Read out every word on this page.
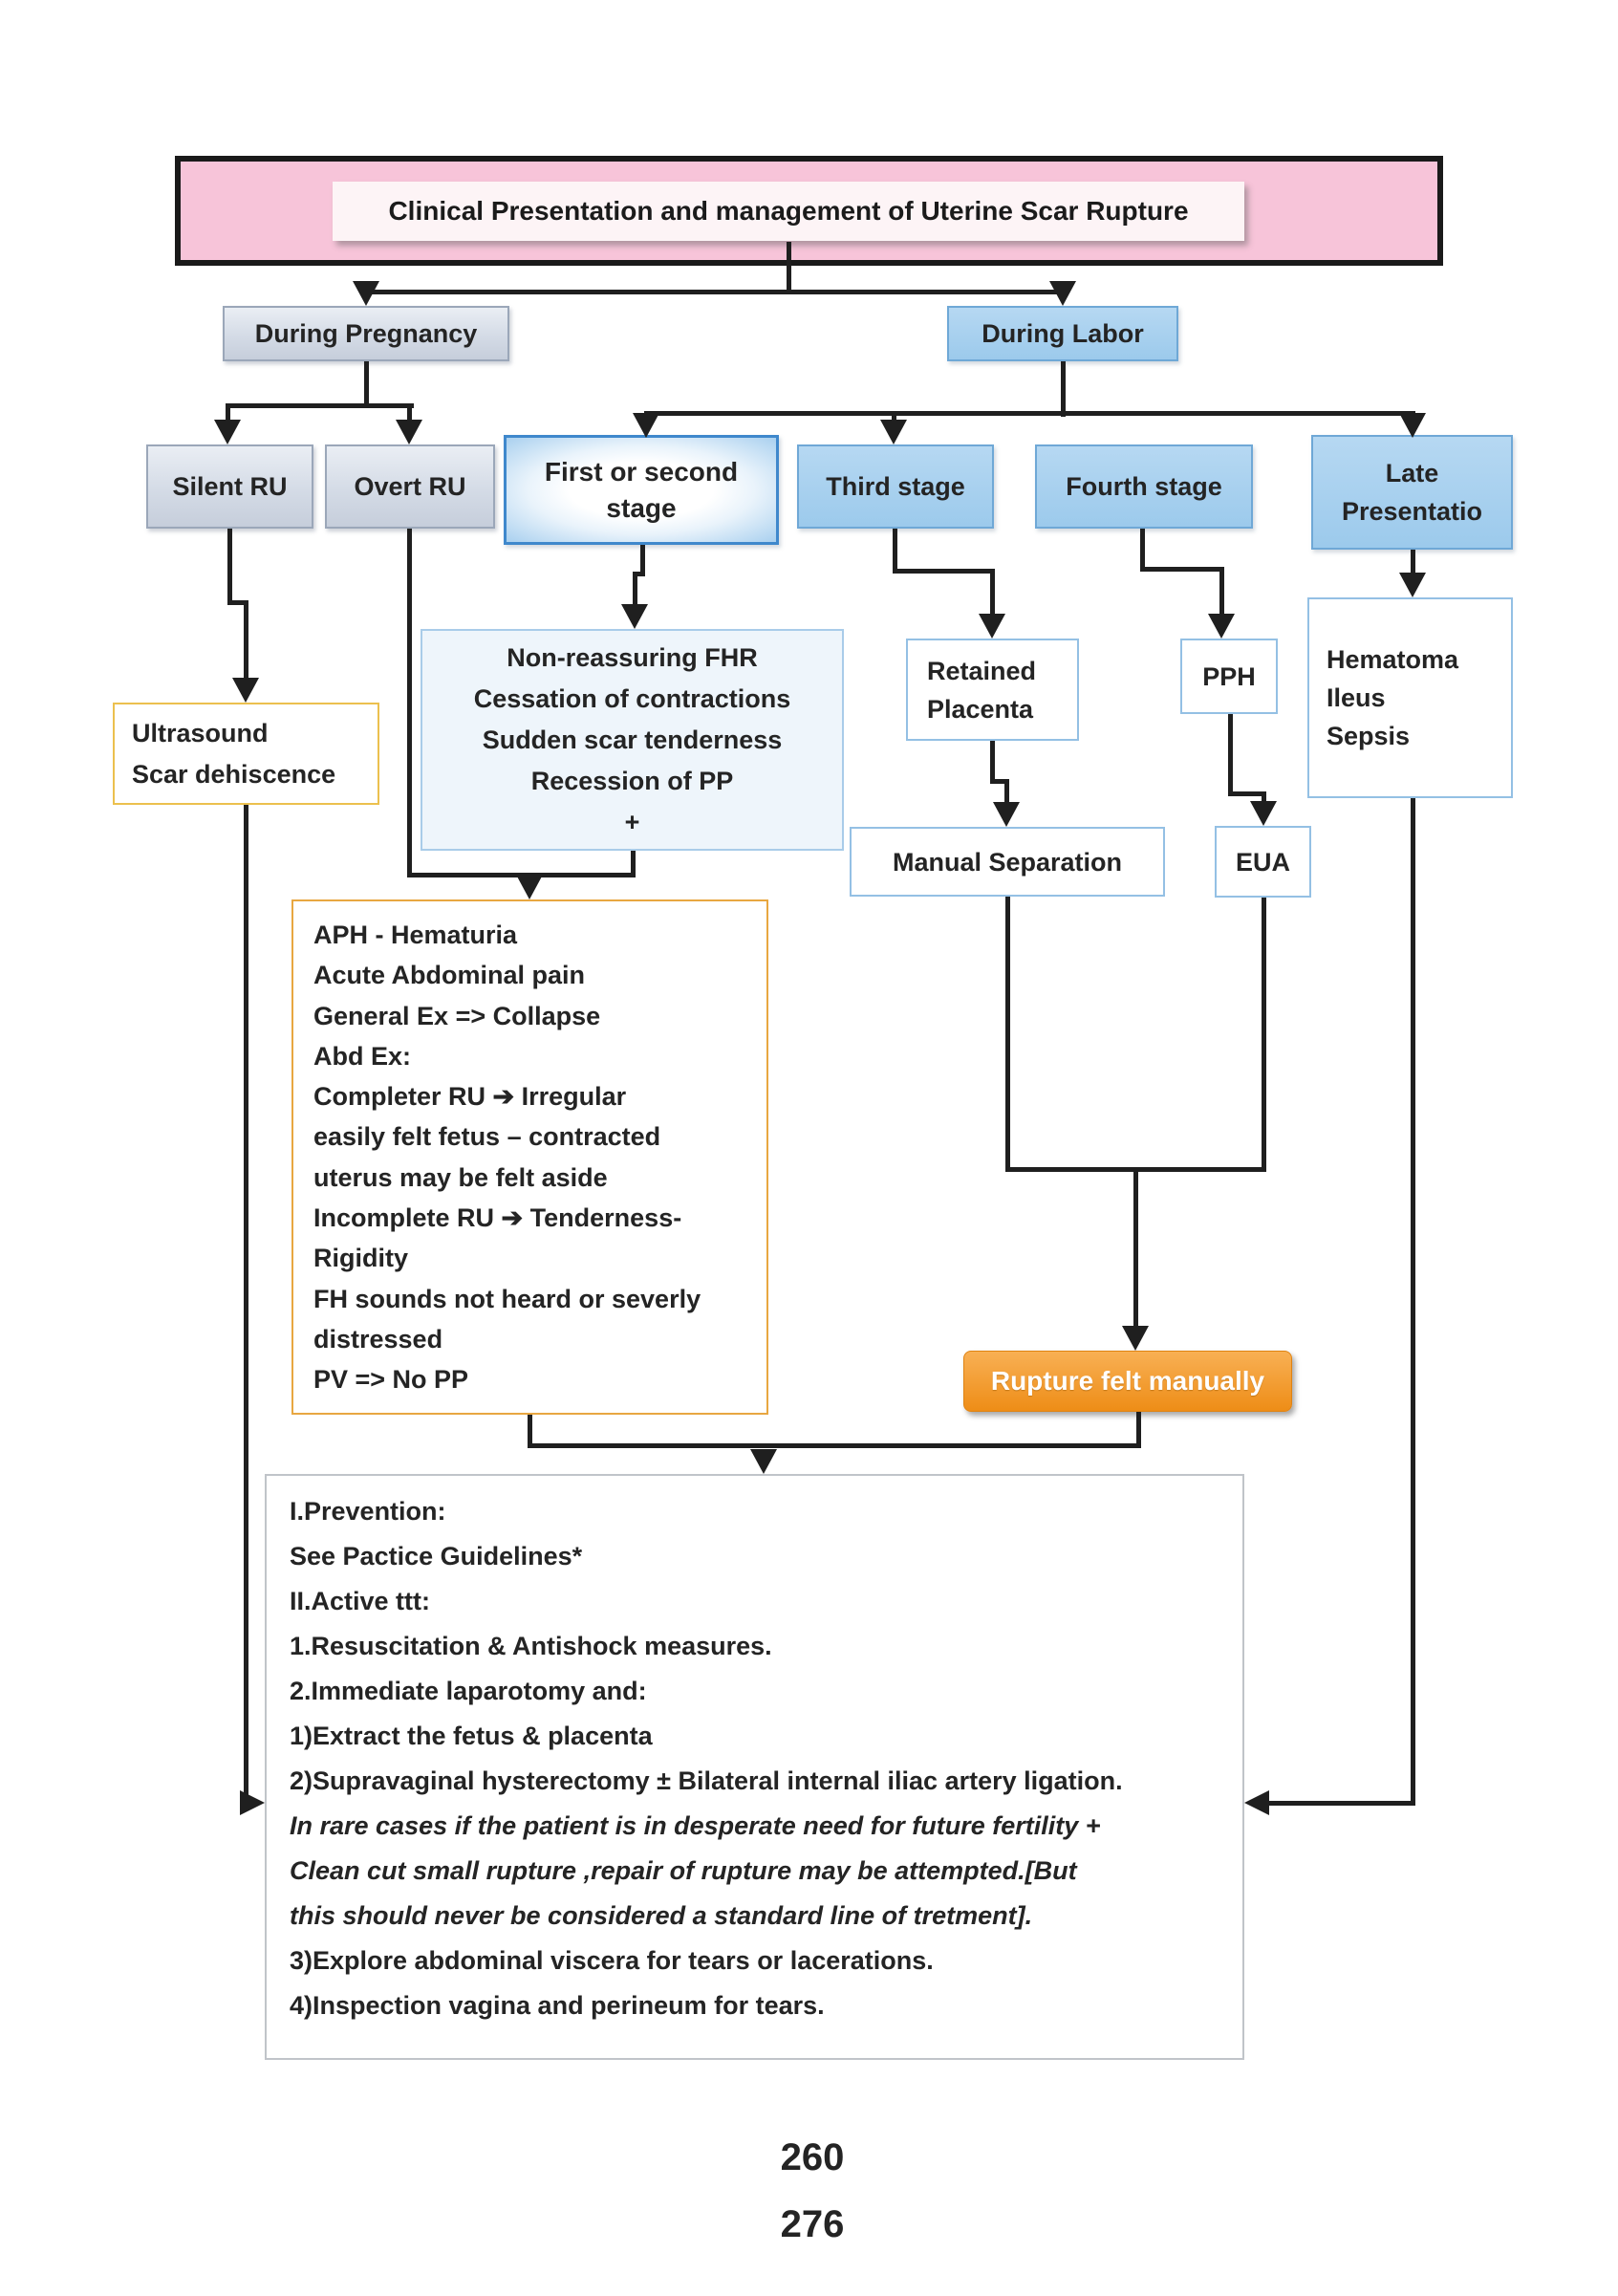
Clinical Presentation and management of Uterine Scar Rupture
During Pregnancy	During Labor
Silent RU	Overt RU	First or second
stage
Third stage	Fourth stage	Late
Presentatio
Ultrasound
Scar dehiscence
Non-reassuring FHR
Cessation of contractions
Sudden scar tenderness
Recession of PP
+
Retained
Placenta
PPH
Hematoma
Ileus
Sepsis
Manual Separation	EUA
APH - Hematuria
Acute Abdominal pain
General Ex => Collapse
Abd Ex:
Completer RU ➔ Irregular
easily felt fetus – contracted
uterus may be felt aside
Incomplete RU ➔ Tenderness-
Rigidity
FH sounds not heard or severly
distressed
PV => No PP	Rupture felt manually
I.Prevention:
See Pactice Guidelines*
II.Active ttt:
1.Resuscitation & Antishock measures.
2.Immediate laparotomy and:
1)Extract the fetus & placenta
2)Supravaginal hysterectomy ± Bilateral internal iliac artery ligation.
In rare cases if the patient is in desperate need for future fertility +
Clean cut small rupture ,repair of rupture may be attempted.[But
this should never be considered a standard line of tretment].
3)Explore abdominal viscera for tears or lacerations.
4)Inspection vagina and perineum for tears.
260
276
